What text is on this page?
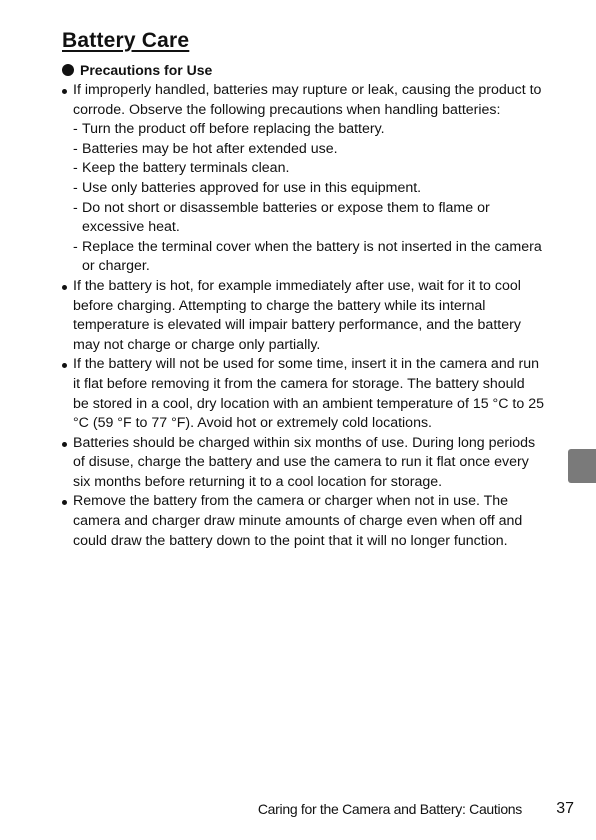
Battery Care
Precautions for Use
If improperly handled, batteries may rupture or leak, causing the product to corrode. Observe the following precautions when handling batteries:
- Turn the product off before replacing the battery.
- Batteries may be hot after extended use.
- Keep the battery terminals clean.
- Use only batteries approved for use in this equipment.
- Do not short or disassemble batteries or expose them to flame or excessive heat.
- Replace the terminal cover when the battery is not inserted in the camera or charger.
If the battery is hot, for example immediately after use, wait for it to cool before charging. Attempting to charge the battery while its internal temperature is elevated will impair battery performance, and the battery may not charge or charge only partially.
If the battery will not be used for some time, insert it in the camera and run it flat before removing it from the camera for storage. The battery should be stored in a cool, dry location with an ambient temperature of 15 °C to 25 °C (59 °F to 77 °F). Avoid hot or extremely cold locations.
Batteries should be charged within six months of use. During long periods of disuse, charge the battery and use the camera to run it flat once every six months before returning it to a cool location for storage.
Remove the battery from the camera or charger when not in use. The camera and charger draw minute amounts of charge even when off and could draw the battery down to the point that it will no longer function.
Caring for the Camera and Battery: Cautions 37
